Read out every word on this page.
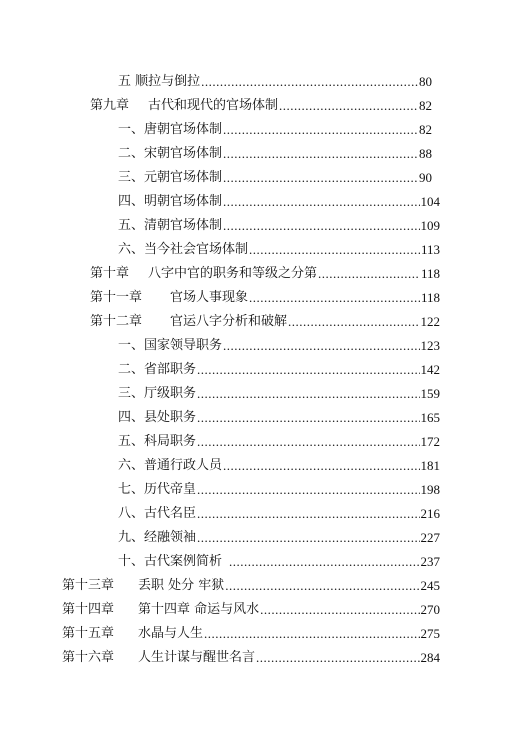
五 顺拉与倒拉 .....	80
第九章	古代和现代的官场体制 .....	82
一、唐朝官场体制 .....	82
二、宋朝官场体制 .....	88
三、元朝官场体制 .....	90
四、明朝官场体制 .....	104
五、清朝官场体制 .....	109
六、当今社会官场体制 .....	113
第十章	八字中官的职务和等级之分第 .....	118
第十一章	官场人事现象 .....	118
第十二章	官运八字分析和破解 .....	122
一、国家领导职务 .....	123
二、省部职务 .....	142
三、厅级职务 .....	159
四、县处职务 .....	165
五、科局职务 .....	172
六、普通行政人员 .....	181
七、历代帝皇 .....	198
八、古代名臣 .....	216
九、经融领袖 .....	227
十、古代案例简析 .....	237
第十三章	丢职 处分 牢狱 .....	245
第十四章	第十四章 命运与风水 .....	270
第十五章	水晶与人生 .....	275
第十六章	人生计谋与醒世名言 .....	284
